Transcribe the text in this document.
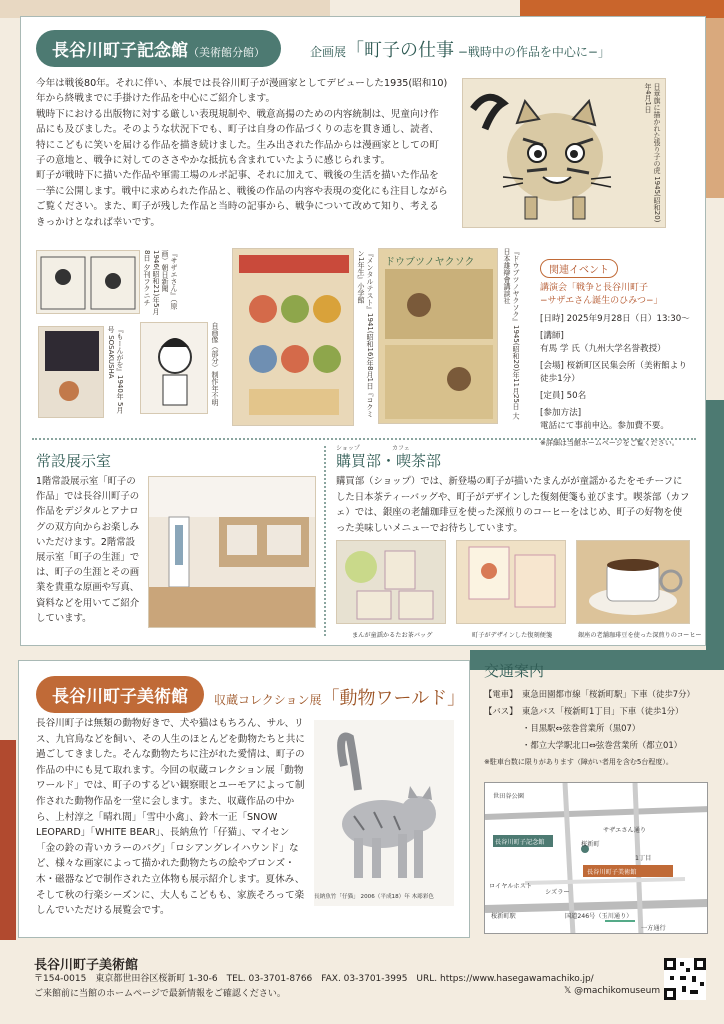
長谷川町子記念館（美術館分館）	企画展「町子の仕事 −戦時中の作品を中心に−」

今年は戦後80年。それに伴い、本展では長谷川町子が漫画家としてデビューした1935(昭和10)年から終戦までに手掛けた作品を中心にご紹介します。

戦時下における出版物に対する厳しい表現規制や、戦意高揚のための内容統制は、児童向け作品にも及びました。そのような状況下でも、町子は自身の作品づくりの志を貫き通し、読者、特にこどもに笑いを届ける作品を描き続けました。生み出された作品からは漫画家としての町子の意地と、戦争に対してのささやかな抵抗も含まれていたように感じられます。

町子が戦時下に描いた作品や軍需工場のルポ記事、それに加えて、戦後の生活を描いた作品を一挙に公開します。戦中に求められた作品と、戦後の作品の内容や表現の変化にも注目しながらご覧ください。また、町子が残した作品と当時の記事から、戦争について改めて知り、考えるきっかけとなれば幸いです。	日章旗に描かれた張り子の虎 1945(昭和20)年4月1日
『サザエさん』（原画）朝日新聞 1946(昭和21)年5月8日 夕刊フクニチ
『もーんがを』1940年 5月号 SOSAKUSHA	自画像（部分）制作年不明	『メンタルテスト』1941(昭和16)年8月1日『コクミン1年生』小学館	ドウブツノヤクソク	『ドウブツノヤクソク』1945(昭和20)年11月25日 大日本雄辯會講談社	関連イベント
講演会「戦争と長谷川町子
−サザエさん誕生のひみつ−」
[日時] 2025年9月28日（日）13:30〜
[講師] 有馬 学 氏（九州大学名誉教授）
[会場] 桜新町区民集会所（美術館より徒歩1分）
[定員] 50名
[参加方法]
電話にて事前申込。参加費不要。
※詳細は当館ホームページをご覧ください。
常設展示室
1階常設展示室「町子の作品」では長谷川町子の作品をデジタルとアナログの双方向からお楽しみいただけます。2階常設展示室「町子の生涯」では、町子の生涯とその画業を貴重な原画や写真、資料などを用いてご紹介しています。
購買部・喫茶部
ショップ	カフェ
購買部（ショップ）では、新登場の町子が描いたまんがが童謡かるたをモチーフにした日本茶ティーバッグや、町子がデザインした復刻便箋も並びます。喫茶部（カフェ）では、銀座の老舗珈琲豆を使った深煎りのコーヒーをはじめ、町子の好物を使った美味しいメニューでお待ちしています。
まんが童謡かるたお茶バッグ	町子がデザインした復刻便箋	銀座の老舗珈琲豆を使った深煎りのコーヒー
長谷川町子美術館	収蔵コレクション展「動物ワールド」
長谷川町子は無類の動物好きで、犬や猫はもちろん、サル、リス、九官鳥などを飼い、その人生のほとんどを動物たちと共に過ごしてきました。そんな動物たちに注がれた愛情は、町子の作品の中にも見て取れます。今回の収蔵コレクション展「動物ワールド」では、町子のするどい観察眼とユーモアによって制作された動物作品を一堂に会します。また、収蔵作品の中から、上村淳之「晴れ間」「雪中小禽」、鈴木一正「SNOW LEOPARD」「WHITE BEAR」、長納魚竹「仔猫」、マイセン「金の鈴の青いカラーのパグ」「ロシアングレイハウンド」など、様々な画家によって描かれた動物たちの絵やブロンズ・木・磁器などで制作された立体物も展示紹介します。夏休み、そして秋の行楽シーズンに、大人もこどもも、家族そろって楽しんでいただける展覧会です。
長納魚竹「仔猫」 2006（平成18）年 木彫彩色
交通案内
【電車】 東急田園都市線「桜新町駅」下車（徒歩7分）
【バス】 東急バス「桜新町1丁目」下車（徒歩1分）
・目黒駅⇔弦巻営業所（黒07）
・都立大学駅北口⇔弦巻営業所（都立01）
※駐車台数に限りがあります（障がい者用を含む5台程度）。
世田谷公園
長谷川町子記念館
長谷川町子美術館
サザエさん通り
桜新町
1丁目
ロイヤルホスト
シズラー
国道246号（玉川通り）
桜新町駅
一方通行
長谷川町子美術館
〒154-0015　東京都世田谷区桜新町 1-30-6　TEL. 03-3701-8766　FAX. 03-3701-3995　URL. https://www.hasegawamachiko.jp/
ご来館前に当館のホームページで最新情報をご確認ください。	𝕏 @machikomuseum
